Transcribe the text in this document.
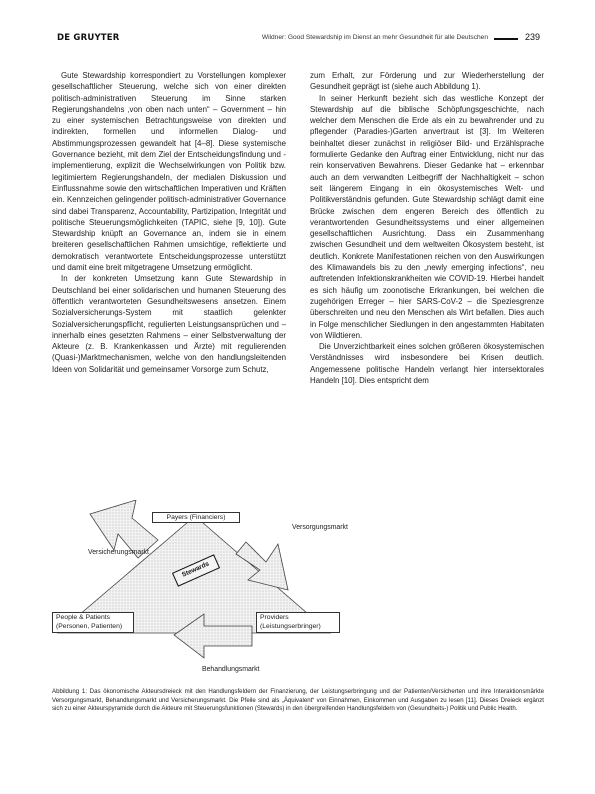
DE GRUYTER	Wildner: Good Stewardship im Dienst an mehr Gesundheit für alle Deutschen	239

Gute Stewardship korrespondiert zu Vorstellungen komplexer gesellschaftlicher Steuerung, welche sich von einer direkten politisch-administrativen Steuerung im Sinne starken Regierungshandelns ‚von oben nach unten“ – Government – hin zu einer systemischen Betrachtungsweise von direkten und indirekten, formellen und informellen Dialog- und Abstimmungsprozessen gewandelt hat [4–8]. Diese systemische Governance bezieht, mit dem Ziel der Entscheidungsfindung und -implementierung, explizit die Wechselwirkungen von Politik bzw. legitimiertem Regierungshandeln, der medialen Diskussion und Einflussnahme sowie den wirtschaftlichen Imperativen und Kräften ein. Kennzeichen gelingender politisch-administrativer Governance sind dabei Transparenz, Accountability, Partizipation, Integrität und politische Steuerungsmöglichkeiten (TAPIC, siehe [9, 10]). Gute Stewardship knüpft an Governance an, indem sie in einem breiteren gesellschaftlichen Rahmen umsichtige, reflektierte und demokratisch verantwortete Entscheidungsprozesse unterstützt und damit eine breit mitgetragene Umsetzung ermöglicht.

In der konkreten Umsetzung kann Gute Stewardship in Deutschland bei einer solidarischen und humanen Steuerung des öffentlich verantworteten Gesundheitswesens ansetzen. Einem Sozialversicherungs-System mit staatlich gelenkter Sozialversicherungspflicht, regulierten Leistungsansprüchen und – innerhalb eines gesetzten Rahmens – einer Selbstverwaltung der Akteure (z. B. Krankenkassen und Ärzte) mit regulierenden (Quasi-)Marktmechanismen, welche von den handlungsleitenden Ideen von Solidarität und gemeinsamer Vorsorge zum Schutz,

zum Erhalt, zur Förderung und zur Wiederherstellung der Gesundheit geprägt ist (siehe auch Abbildung 1).

In seiner Herkunft bezieht sich das westliche Konzept der Stewardship auf die biblische Schöpfungsgeschichte, nach welcher dem Menschen die Erde als ein zu bewahrender und zu pflegender (Paradies-)Garten anvertraut ist [3]. Im Weiteren beinhaltet dieser zunächst in religiöser Bild- und Erzählsprache formulierte Gedanke den Auftrag einer Entwicklung, nicht nur das rein konservativen Bewahrens. Dieser Gedanke hat – erkennbar auch an dem verwandten Leitbegriff der Nachhaltigkeit – schon seit längerem Eingang in ein ökosystemisches Welt- und Politikverständnis gefunden. Gute Stewardship schlägt damit eine Brücke zwischen dem engeren Bereich des öffentlich zu verantwortenden Gesundheitssystems und einer allgemeinen gesellschaftlichen Ausrichtung. Dass ein Zusammenhang zwischen Gesundheit und dem weltweiten Ökosystem besteht, ist deutlich. Konkrete Manifestationen reichen von den Auswirkungen des Klimawandels bis zu den „newly emerging infections“, neu auftretenden Infektionskrankheiten wie COVID-19. Hierbei handelt es sich häufig um zoonotische Erkrankungen, bei welchen die zugehörigen Erreger – hier SARS-CoV-2 – die Speziesgrenze überschreiten und neu den Menschen als Wirt befallen. Dies auch in Folge menschlicher Siedlungen in den angestammten Habitaten von Wildtieren.

Die Unverzichtbarkeit eines solchen größeren ökosystemischen Verständnisses wird insbesondere bei Krisen deutlich. Angemessene politische Handeln verlangt hier intersektorales Handeln [10]. Dies entspricht dem

Payers (Financiers)
People & Patients
(Personen, Patienten)
Providers
(Leistungserbringer)
Versicherungsmarkt
Versorgungsmarkt
Behandlungsmarkt
Stewards
Abbildung 1: Das ökonomische Akteursdreieck mit den Handlungsfeldern der Finanzierung, der Leistungserbringung und der Patienten/Versicherten und ihre Interaktionsmärkte Versorgungsmarkt, Behandlungsmarkt und Versicherungsmarkt. Die Pfeile sind als „Äquivalent“ von Einnahmen, Einkommen und Ausgaben zu lesen [11]. Dieses Dreieck ergänzt sich zu einer Akteurspyramide durch die Akteure mit Steuerungsfunktionen (Stewards) in den übergreifenden Handlungsfeldern von (Gesundheits-) Politik und Public Health.
